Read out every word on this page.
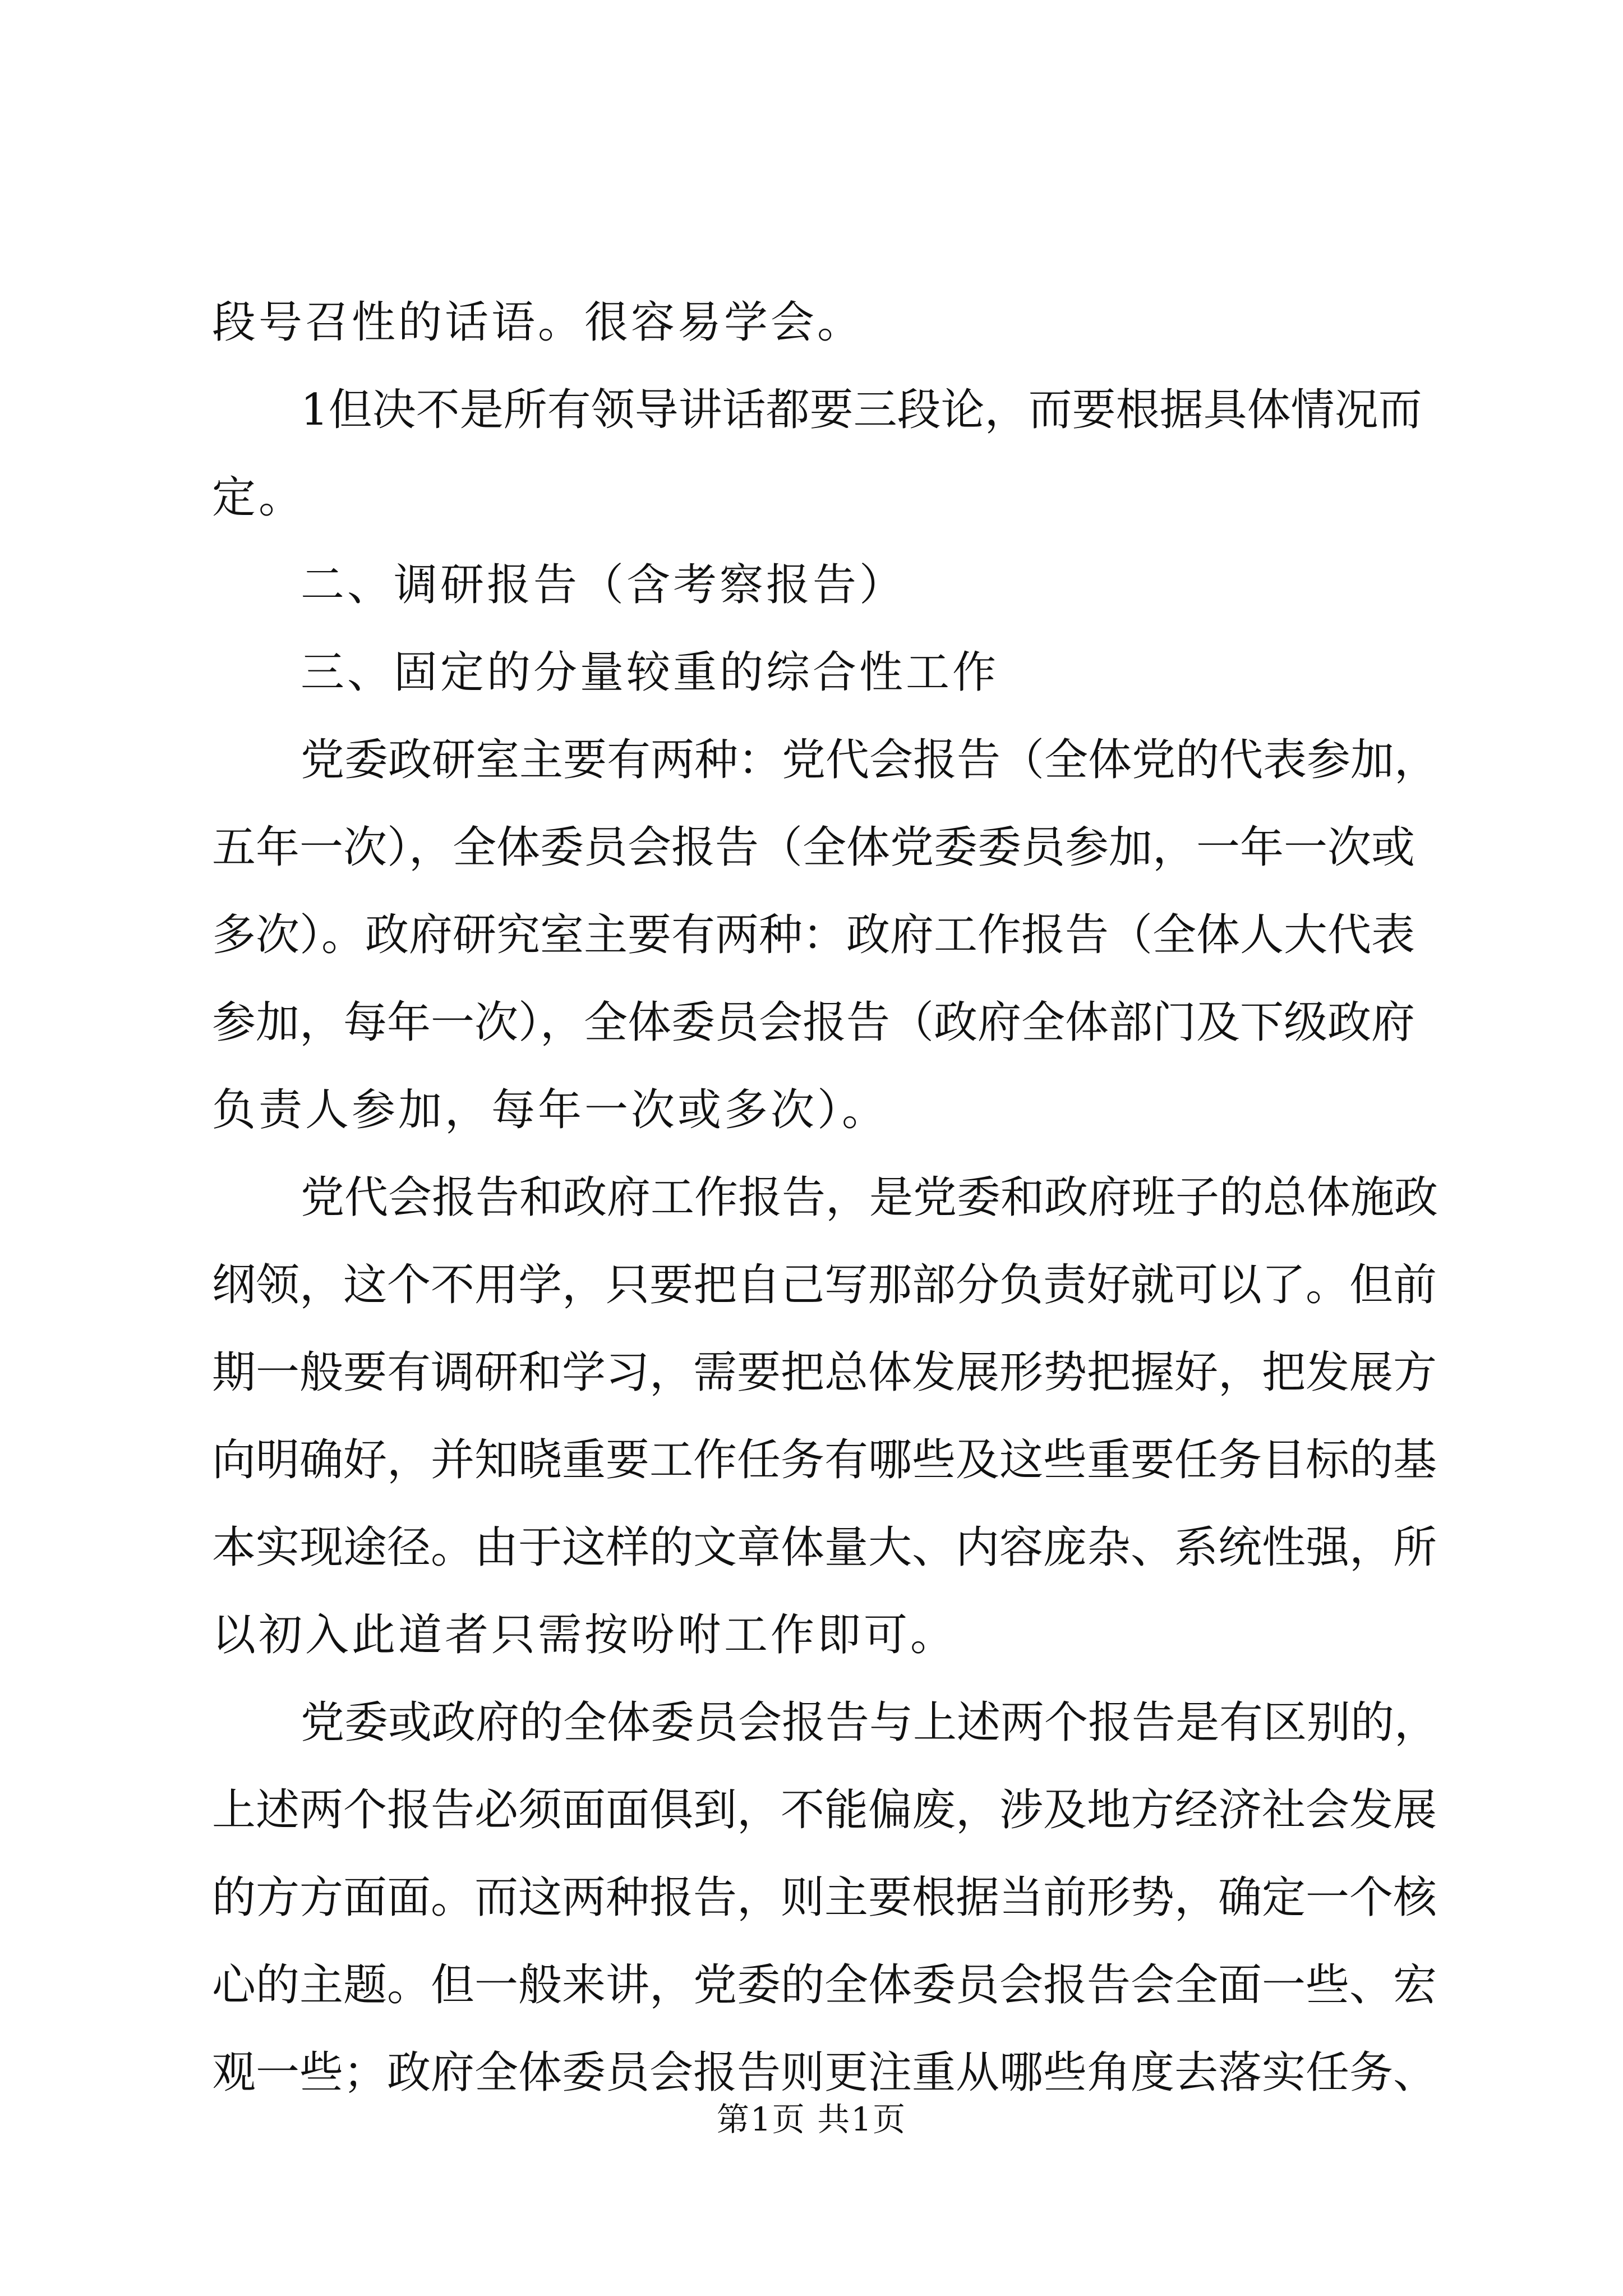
段号召性的话语。很容易学会。
1但决不是所有领导讲话都要三段论，而要根据具体情况而
定。
二、调研报告（含考察报告）
三、固定的分量较重的综合性工作
党委政研室主要有两种：党代会报告（全体党的代表参加，
五年一次），全体委员会报告（全体党委委员参加，一年一次或
多次）。政府研究室主要有两种：政府工作报告（全体人大代表
参加，每年一次），全体委员会报告（政府全体部门及下级政府
负责人参加，每年一次或多次）。
党代会报告和政府工作报告，是党委和政府班子的总体施政
纲领，这个不用学，只要把自己写那部分负责好就可以了。但前
期一般要有调研和学习，需要把总体发展形势把握好，把发展方
向明确好，并知晓重要工作任务有哪些及这些重要任务目标的基
本实现途径。由于这样的文章体量大、内容庞杂、系统性强，所
以初入此道者只需按吩咐工作即可。
党委或政府的全体委员会报告与上述两个报告是有区别的，
上述两个报告必须面面俱到，不能偏废，涉及地方经济社会发展
的方方面面。而这两种报告，则主要根据当前形势，确定一个核
心的主题。但一般来讲，党委的全体委员会报告会全面一些、宏
观一些；政府全体委员会报告则更注重从哪些角度去落实任务、
第1页 共1页
